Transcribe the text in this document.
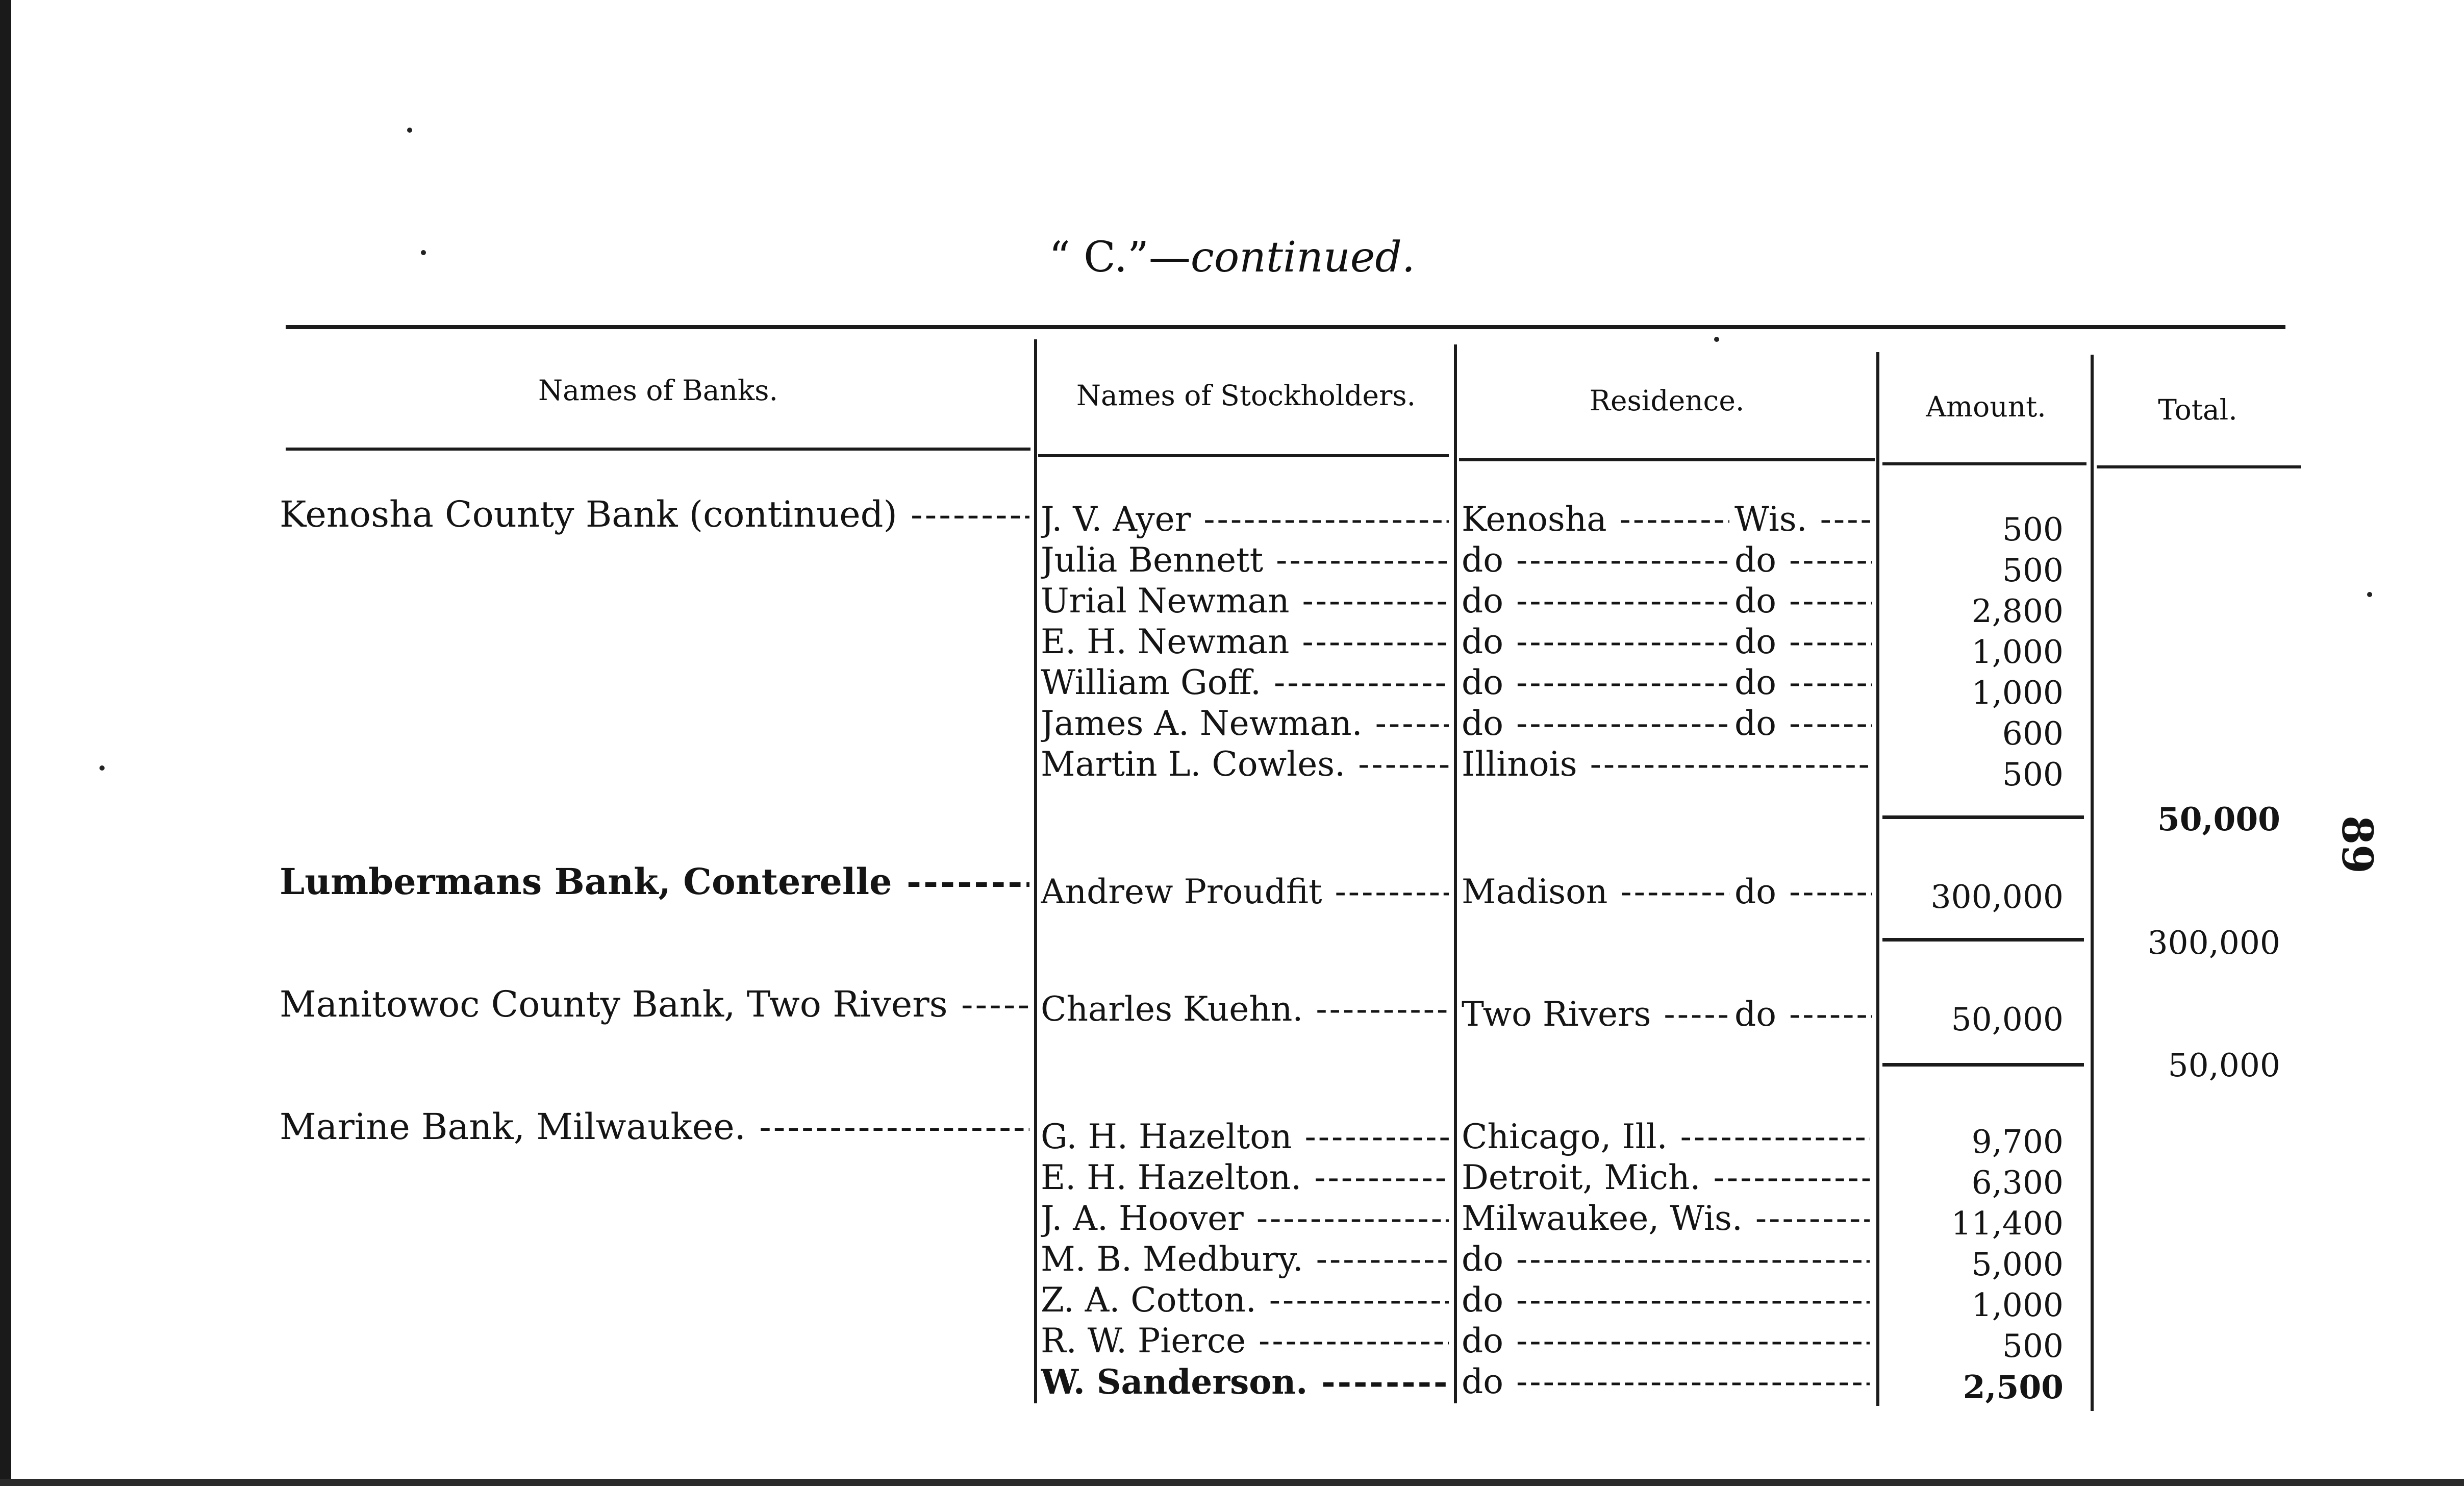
“ C.”—continued.
Names of Banks.	Names of Stockholders.	Residence.	Amount.	Total.
Kenosha County Bank (continued) -----	J. V. Ayer -----	Kenosha -----	Wis. -----	500
Julia Bennett -----	do -----	do -----	500
Urial Newman -----	do -----	do -----	2,800
E. H. Newman -----	do -----	do -----	1,000
William Goff. -----	do -----	do -----	1,000
James A. Newman. -----	do -----	do -----	600
Martin L. Cowles. -----	Illinois -----	500
50,000
Lumbermans Bank, Conterelle -----	Andrew Proudfit -----	Madison -----	do -----	300,000
300,000
Manitowoc County Bank, Two Rivers -----	Charles Kuehn. -----	Two Rivers -----	do -----	50,000
50,000
Marine Bank, Milwaukee. -----	G. H. Hazelton -----	Chicago, Ill. -----	9,700
E. H. Hazelton. -----	Detroit, Mich. -----	6,300
J. A. Hoover -----	Milwaukee, Wis. -----	11,400
M. B. Medbury. -----	do -----	5,000
Z. A. Cotton. -----	do -----	1,000
R. W. Pierce -----	do -----	500
W. Sanderson. -----	do -----	2,500
89
